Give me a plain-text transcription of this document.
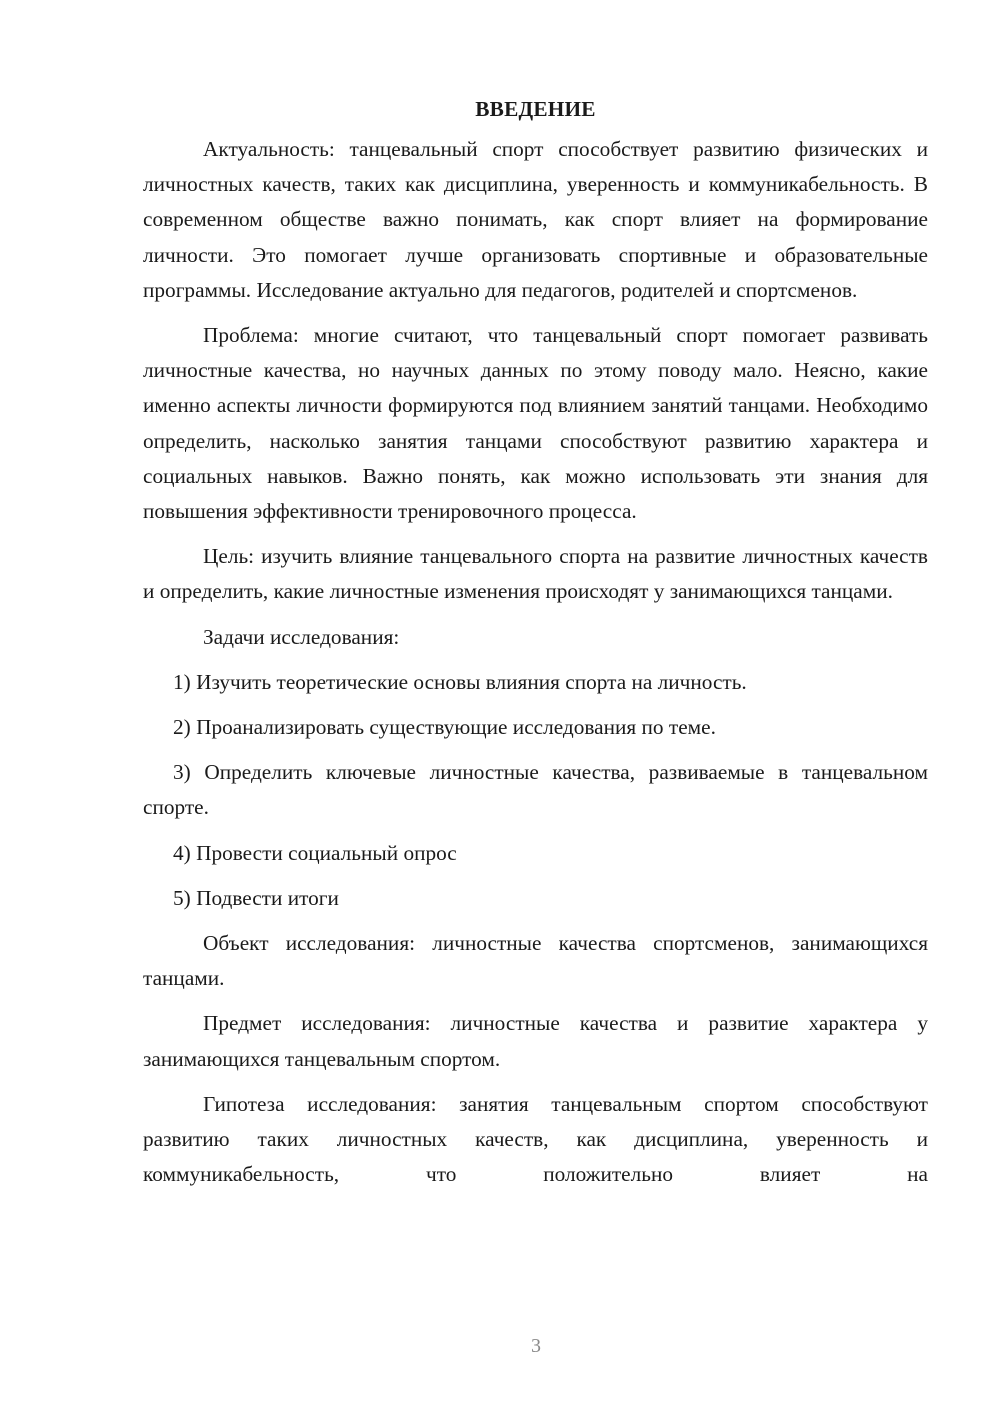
ВВЕДЕНИЕ

Актуальность: танцевальный спорт способствует развитию физических и личностных качеств, таких как дисциплина, уверенность и коммуникабельность. В современном обществе важно понимать, как спорт влияет на формирование личности. Это помогает лучше организовать спортивные и образовательные программы. Исследование актуально для педагогов, родителей и спортсменов.

Проблема: многие считают, что танцевальный спорт помогает развивать личностные качества, но научных данных по этому поводу мало. Неясно, какие именно аспекты личности формируются под влиянием занятий танцами. Необходимо определить, насколько занятия танцами способствуют развитию характера и социальных навыков. Важно понять, как можно использовать эти знания для повышения эффективности тренировочного процесса.

Цель: изучить влияние танцевального спорта на развитие личностных качеств и определить, какие личностные изменения происходят у занимающихся танцами.

Задачи исследования:

1) Изучить теоретические основы влияния спорта на личность.

2) Проанализировать существующие исследования по теме.

3) Определить ключевые личностные качества, развиваемые в танцевальном спорте.

4) Провести социальный опрос

5) Подвести итоги

Объект исследования: личностные качества спортсменов, занимающихся танцами.

Предмет исследования: личностные качества и развитие характера у занимающихся танцевальным спортом.

Гипотеза исследования: занятия танцевальным спортом способствуют развитию таких личностных качеств, как дисциплина, уверенность и коммуникабельность, что положительно влияет на

3
